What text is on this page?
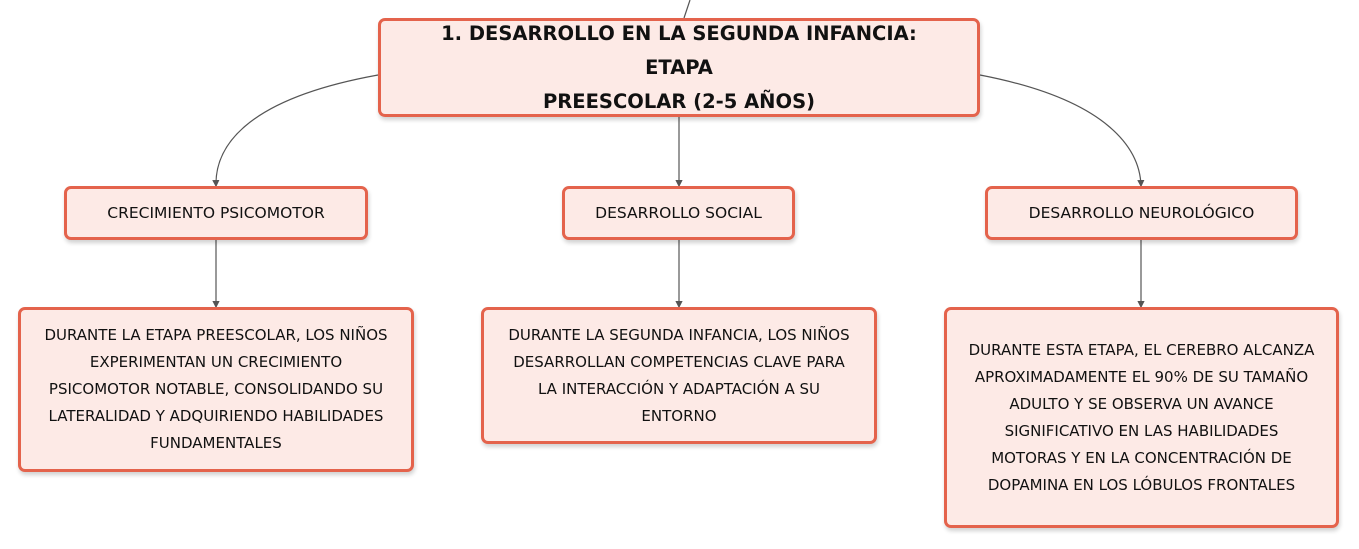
1. DESARROLLO EN LA SEGUNDA INFANCIA: ETAPA
PREESCOLAR (2-5 AÑOS)
CRECIMIENTO PSICOMOTOR	DESARROLLO SOCIAL	DESARROLLO NEUROLÓGICO
DURANTE LA ETAPA PREESCOLAR, LOS NIÑOS
EXPERIMENTAN UN CRECIMIENTO
PSICOMOTOR NOTABLE, CONSOLIDANDO SU
LATERALIDAD Y ADQUIRIENDO HABILIDADES
FUNDAMENTALES
DURANTE LA SEGUNDA INFANCIA, LOS NIÑOS
DESARROLLAN COMPETENCIAS CLAVE PARA
LA INTERACCIÓN Y ADAPTACIÓN A SU
ENTORNO
DURANTE ESTA ETAPA, EL CEREBRO ALCANZA
APROXIMADAMENTE EL 90% DE SU TAMAÑO
ADULTO Y SE OBSERVA UN AVANCE
SIGNIFICATIVO EN LAS HABILIDADES
MOTORAS Y EN LA CONCENTRACIÓN DE
DOPAMINA EN LOS LÓBULOS FRONTALES
